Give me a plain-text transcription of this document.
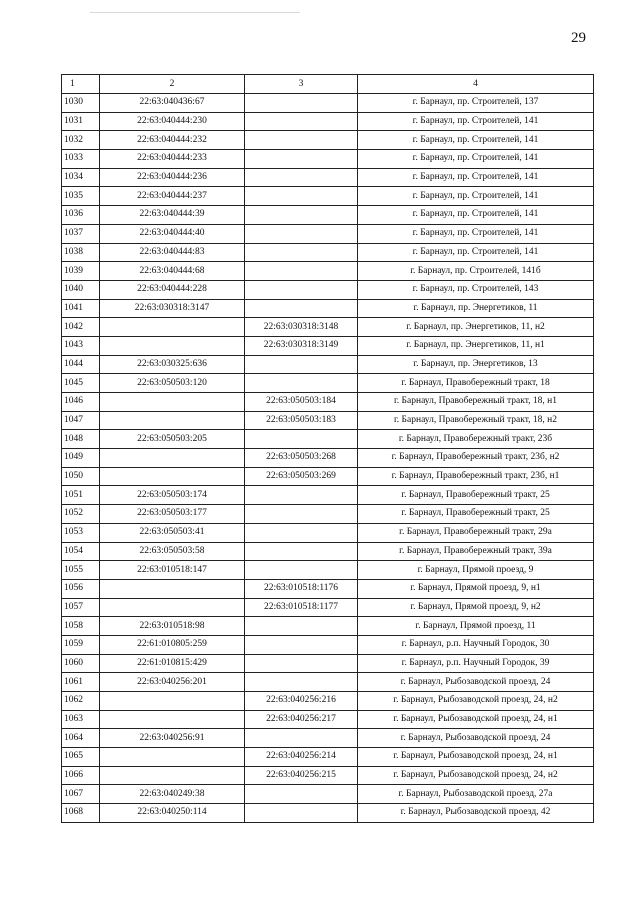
29
1	2	3	4
1030	22:63:040436:67		г. Барнаул, пр. Строителей, 137
1031	22:63:040444:230		г. Барнаул, пр. Строителей, 141
1032	22:63:040444:232		г. Барнаул, пр. Строителей, 141
1033	22:63:040444:233		г. Барнаул, пр. Строителей, 141
1034	22:63:040444:236		г. Барнаул, пр. Строителей, 141
1035	22:63:040444:237		г. Барнаул, пр. Строителей, 141
1036	22:63:040444:39		г. Барнаул, пр. Строителей, 141
1037	22:63:040444:40		г. Барнаул, пр. Строителей, 141
1038	22:63:040444:83		г. Барнаул, пр. Строителей, 141
1039	22:63:040444:68		г. Барнаул, пр. Строителей, 141б
1040	22:63:040444:228		г. Барнаул, пр. Строителей, 143
1041	22:63:030318:3147		г. Барнаул, пр. Энергетиков, 11
1042		22:63:030318:3148	г. Барнаул, пр. Энергетиков, 11, н2
1043		22:63:030318:3149	г. Барнаул, пр. Энергетиков, 11, н1
1044	22:63:030325:636		г. Барнаул, пр. Энергетиков, 13
1045	22:63:050503:120		г. Барнаул, Правобережный тракт, 18
1046		22:63:050503:184	г. Барнаул, Правобережный тракт, 18, н1
1047		22:63:050503:183	г. Барнаул, Правобережный тракт, 18, н2
1048	22:63:050503:205		г. Барнаул, Правобережный тракт, 23б
1049		22:63:050503:268	г. Барнаул, Правобережный тракт, 23б, н2
1050		22:63:050503:269	г. Барнаул, Правобережный тракт, 23б, н1
1051	22:63:050503:174		г. Барнаул, Правобережный тракт, 25
1052	22:63:050503:177		г. Барнаул, Правобережный тракт, 25
1053	22:63:050503:41		г. Барнаул, Правобережный тракт, 29а
1054	22:63:050503:58		г. Барнаул, Правобережный тракт, 39а
1055	22:63:010518:147		г. Барнаул, Прямой проезд, 9
1056		22:63:010518:1176	г. Барнаул, Прямой проезд, 9, н1
1057		22:63:010518:1177	г. Барнаул, Прямой проезд, 9, н2
1058	22:63:010518:98		г. Барнаул, Прямой проезд, 11
1059	22:61:010805:259		г. Барнаул, р.п. Научный Городок, 30
1060	22:61:010815:429		г. Барнаул, р.п. Научный Городок, 39
1061	22:63:040256:201		г. Барнаул, Рыбозаводской проезд, 24
1062		22:63:040256:216	г. Барнаул, Рыбозаводской проезд, 24, н2
1063		22:63:040256:217	г. Барнаул, Рыбозаводской проезд, 24, н1
1064	22:63:040256:91		г. Барнаул, Рыбозаводской проезд, 24
1065		22:63:040256:214	г. Барнаул, Рыбозаводской проезд, 24, н1
1066		22:63:040256:215	г. Барнаул, Рыбозаводской проезд, 24, н2
1067	22:63:040249:38		г. Барнаул, Рыбозаводской проезд, 27а
1068	22:63:040250:114		г. Барнаул, Рыбозаводской проезд, 42
